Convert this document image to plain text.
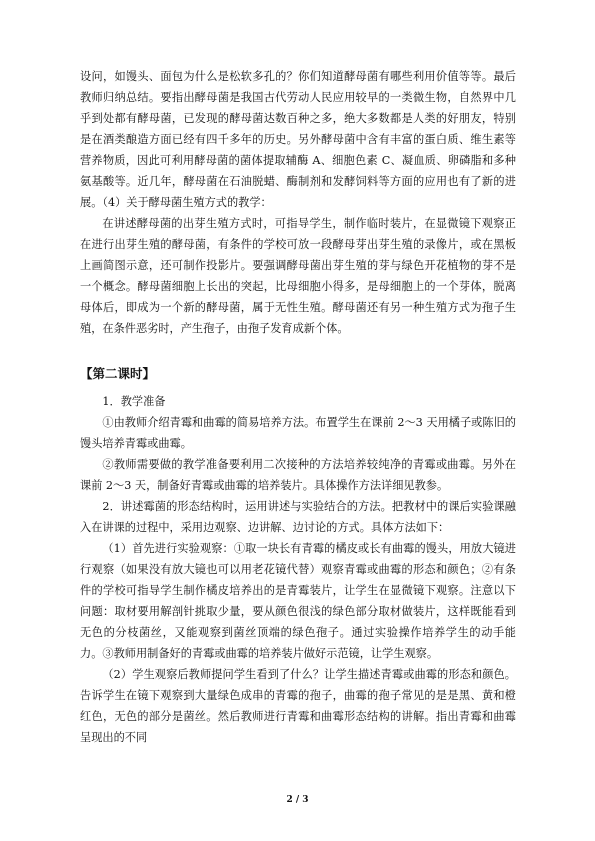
设问，如馒头、面包为什么是松软多孔的？你们知道酵母菌有哪些利用价值等等。最后教师归纳总结。要指出酵母菌是我国古代劳动人民应用较早的一类微生物，自然界中几乎到处都有酵母菌，已发现的酵母菌达数百种之多，绝大多数都是人类的好朋友，特别是在酒类酿造方面已经有四千多年的历史。另外酵母菌中含有丰富的蛋白质、维生素等营养物质，因此可利用酵母菌的菌体提取辅酶 A、细胞色素 C、凝血质、卵磷脂和多种氨基酸等。近几年，酵母菌在石油脱蜡、酶制剂和发酵饲料等方面的应用也有了新的进展。（4）关于酵母菌生殖方式的教学：

在讲述酵母菌的出芽生殖方式时，可指导学生，制作临时装片，在显微镜下观察正在进行出芽生殖的酵母菌，有条件的学校可放一段酵母芽出芽生殖的录像片，或在黑板上画简图示意，还可制作投影片。要强调酵母菌出芽生殖的芽与绿色开花植物的芽不是一个概念。酵母菌细胞上长出的突起，比母细胞小得多，是母细胞上的一个芽体，脱离母体后，即成为一个新的酵母菌，属于无性生殖。酵母菌还有另一种生殖方式为孢子生殖，在条件恶劣时，产生孢子，由孢子发育成新个体。

【第二课时】

1．教学准备

①由教师介绍青霉和曲霉的简易培养方法。布置学生在课前 2～3 天用橘子或陈旧的馒头培养青霉或曲霉。

②教师需要做的教学准备要利用二次接种的方法培养较纯净的青霉或曲霉。另外在课前 2～3 天，制备好青霉或曲霉的培养装片。具体操作方法详细见教参。

2．讲述霉菌的形态结构时，运用讲述与实验结合的方法。把教材中的课后实验课融入在讲课的过程中，采用边观察、边讲解、边讨论的方式。具体方法如下：

（1）首先进行实验观察：①取一块长有青霉的橘皮或长有曲霉的馒头，用放大镜进行观察（如果没有放大镜也可以用老花镜代替）观察青霉或曲霉的形态和颜色；②有条件的学校可指导学生制作橘皮培养出的是青霉装片，让学生在显微镜下观察。注意以下问题：取材要用解剖针挑取少量，要从颜色很浅的绿色部分取材做装片，这样既能看到无色的分枝菌丝，又能观察到菌丝顶端的绿色孢子。通过实验操作培养学生的动手能力。③教师用制备好的青霉或曲霉的培养装片做好示范镜，让学生观察。

（2）学生观察后教师提问学生看到了什么？让学生描述青霉或曲霉的形态和颜色。告诉学生在镜下观察到大量绿色成串的青霉的孢子，曲霉的孢子常见的是是黑、黄和橙红色，无色的部分是菌丝。然后教师进行青霉和曲霉形态结构的讲解。指出青霉和曲霉呈现出的不同

2 / 3
